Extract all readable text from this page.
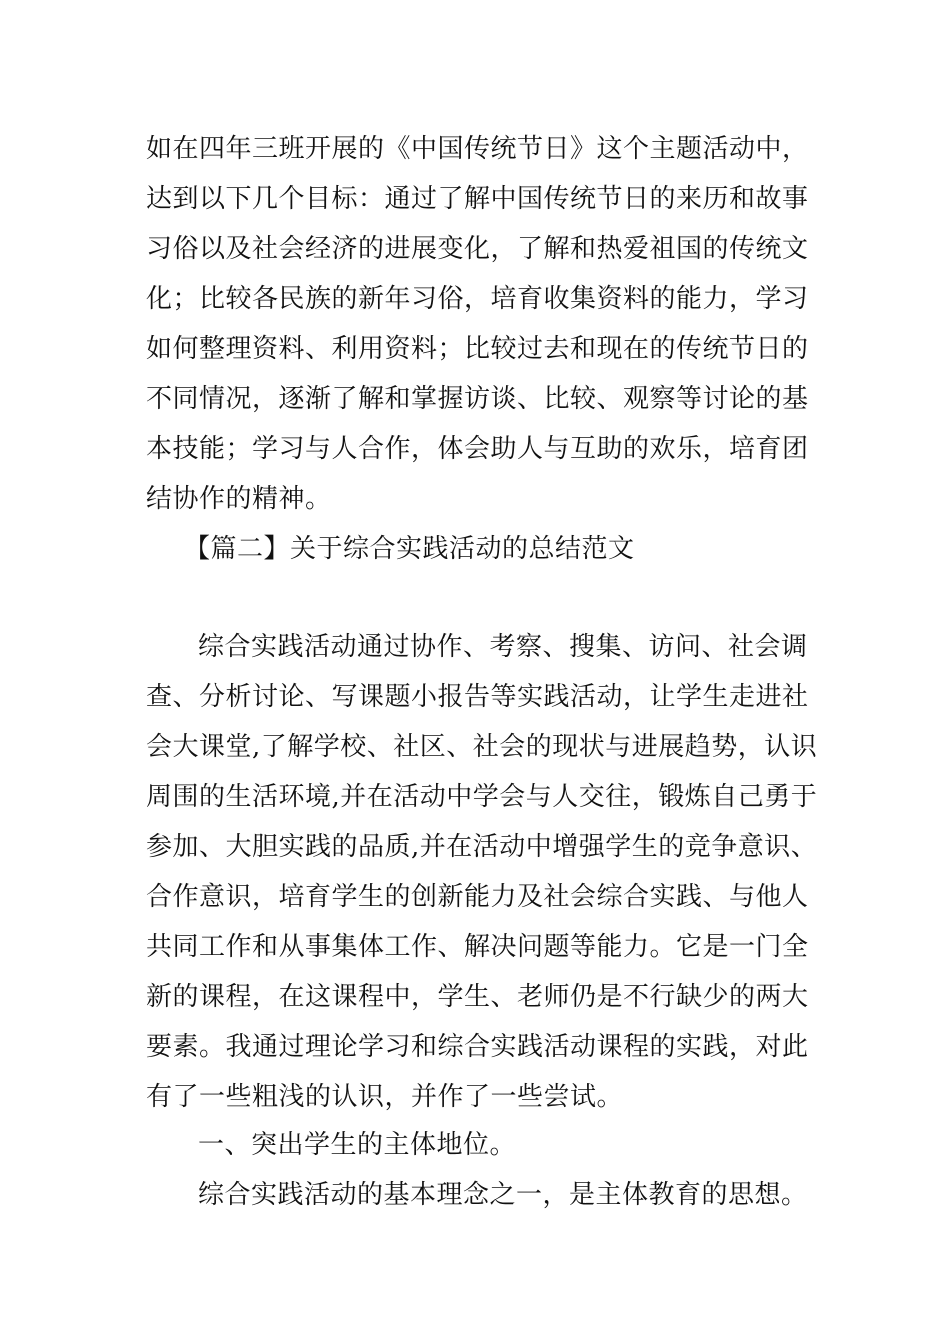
如在四年三班开展的《中国传统节日》这个主题活动中，
达到以下几个目标：通过了解中国传统节日的来历和故事
习俗以及社会经济的进展变化，了解和热爱祖国的传统文
化；比较各民族的新年习俗，培育收集资料的能力，学习
如何整理资料、利用资料；比较过去和现在的传统节日的
不同情况，逐渐了解和掌握访谈、比较、观察等讨论的基
本技能；学习与人合作，体会助人与互助的欢乐，培育团
结协作的精神。
【篇二】关于综合实践活动的总结范文
综合实践活动通过协作、考察、搜集、访问、社会调
查、分析讨论、写课题小报告等实践活动，让学生走进社
会大课堂,了解学校、社区、社会的现状与进展趋势，认识
周围的生活环境,并在活动中学会与人交往，锻炼自己勇于
参加、大胆实践的品质,并在活动中增强学生的竞争意识、
合作意识，培育学生的创新能力及社会综合实践、与他人
共同工作和从事集体工作、解决问题等能力。它是一门全
新的课程，在这课程中，学生、老师仍是不行缺少的两大
要素。我通过理论学习和综合实践活动课程的实践，对此
有了一些粗浅的认识，并作了一些尝试。
一、突出学生的主体地位。
综合实践活动的基本理念之一，是主体教育的思想。
